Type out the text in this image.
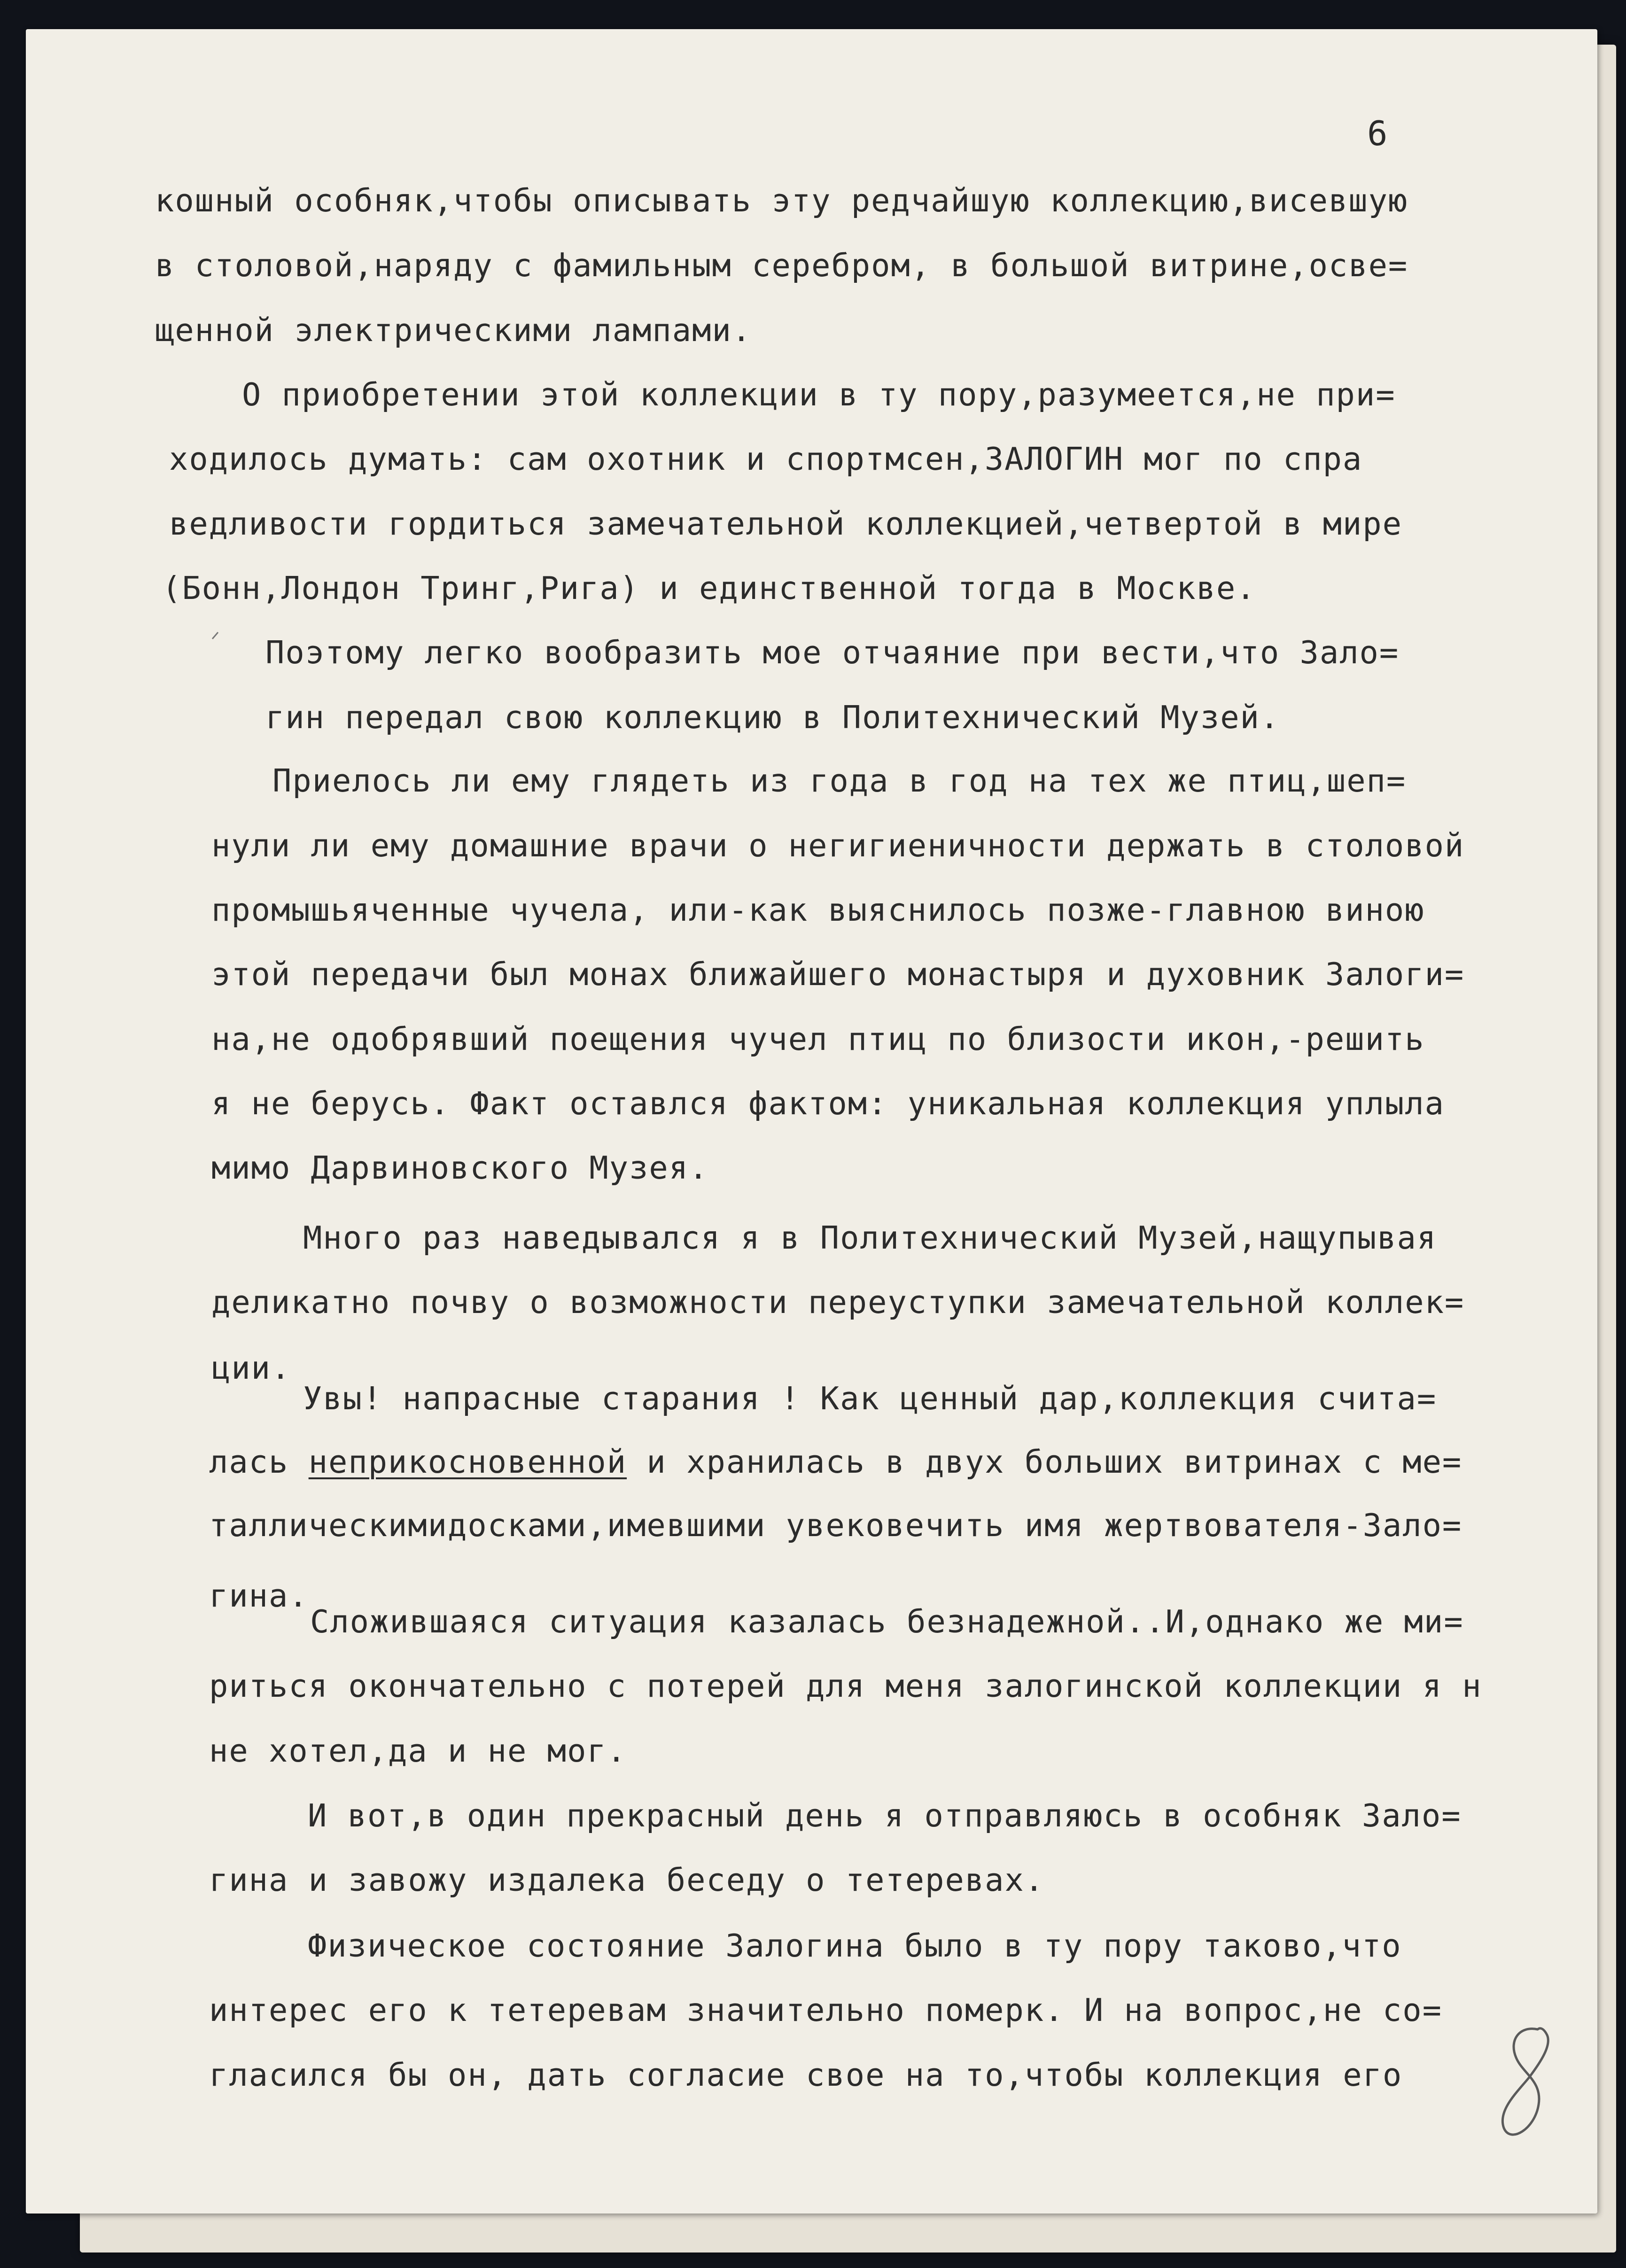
6
кошный особняк,чтобы описывать эту редчайшую коллекцию,висевшую
в столовой,наряду с фамильным серебром, в большой витрине,осве=
щенной электрическими лампами.
О приобретении этой коллекции в ту пору,разумеется,не при=
ходилось думать: сам охотник и спортмсен,ЗАЛОГИН мог по спра
ведливости гордиться замечательной коллекцией,четвертой в мире
(Бонн,Лондон Тринг,Рига) и единственной тогда в Москве.
Поэтому легко вообразить мое отчаяние при вести,что Зало=
гин передал свою коллекцию в Политехнический Музей.
Приелось ли ему глядеть из года в год на тех же птиц,шеп=
нули ли ему домашние врачи о негигиеничности держать в столовой
промышьяченные чучела, или-как выяснилось позже-главною виною
этой передачи был монах ближайшего монастыря и духовник Залоги=
на,не одобрявший поещения чучел птиц по близости икон,-решить
я не берусь. Факт оставлся фактом: уникальная коллекция уплыла
мимо Дарвиновского Музея.
Много раз наведывался я в Политехнический Музей,нащупывая
деликатно почву о возможности переуступки замечательной коллек=
ции.
Увы! напрасные старания ! Как ценный дар,коллекция счита=
лась неприкосновенной и хранилась в двух больших витринах с ме=
таллическимидосками,имевшими увековечить имя жертвователя-Зало=
гина.
Сложившаяся ситуация казалась безнадежной..И,однако же ми=
риться окончательно с потерей для меня залогинской коллекции я н
не хотел,да и не мог.
И вот,в один прекрасный день я отправляюсь в особняк Зало=
гина и завожу издалека беседу о тетеревах.
Физическое состояние Залогина было в ту пору таково,что
интерес его к тетеревам значительно померк. И на вопрос,не со=
гласился бы он, дать согласие свое на то,чтобы коллекция его
